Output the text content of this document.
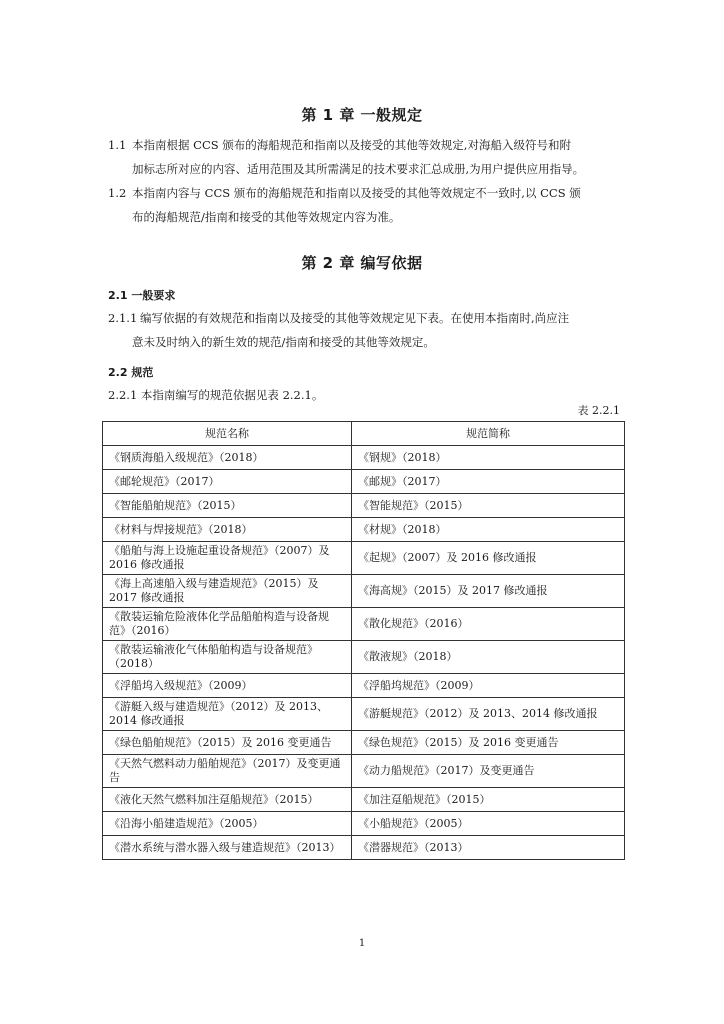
第 1 章 一般规定
1.1 本指南根据 CCS 颁布的海船规范和指南以及接受的其他等效规定,对海船入级符号和附
加标志所对应的内容、适用范围及其所需满足的技术要求汇总成册,为用户提供应用指导。
1.2 本指南内容与 CCS 颁布的海船规范和指南以及接受的其他等效规定不一致时,以 CCS 颁
布的海船规范/指南和接受的其他等效规定内容为准。
第 2 章 编写依据
2.1 一般要求
2.1.1 编写依据的有效规范和指南以及接受的其他等效规定见下表。在使用本指南时,尚应注
意未及时纳入的新生效的规范/指南和接受的其他等效规定。
2.2 规范
2.2.1 本指南编写的规范依据见表 2.2.1。
表 2.2.1
规范名称	规范简称
《钢质海船入级规范》（2018）	《钢规》（2018）
《邮轮规范》（2017）	《邮规》（2017）
《智能船舶规范》（2015）	《智能规范》（2015）
《材料与焊接规范》（2018）	《材规》（2018）
《船舶与海上设施起重设备规范》（2007）及 2016 修改通报	《起规》（2007）及 2016 修改通报
《海上高速船入级与建造规范》（2015）及 2017 修改通报	《海高规》（2015）及 2017 修改通报
《散装运输危险液体化学品船舶构造与设备规范》（2016）	《散化规范》（2016）
《散装运输液化气体船舶构造与设备规范》（2018）	《散液规》（2018）
《浮船坞入级规范》（2009）	《浮船坞规范》（2009）
《游艇入级与建造规范》（2012）及 2013、2014 修改通报	《游艇规范》（2012）及 2013、2014 修改通报
《绿色船舶规范》（2015）及 2016 变更通告	《绿色规范》（2015）及 2016 变更通告
《天然气燃料动力船舶规范》（2017）及变更通告	《动力船规范》（2017）及变更通告
《液化天然气燃料加注趸船规范》（2015）	《加注趸船规范》（2015）
《沿海小船建造规范》（2005）	《小船规范》（2005）
《潜水系统与潜水器入级与建造规范》（2013）	《潜器规范》（2013）
1
